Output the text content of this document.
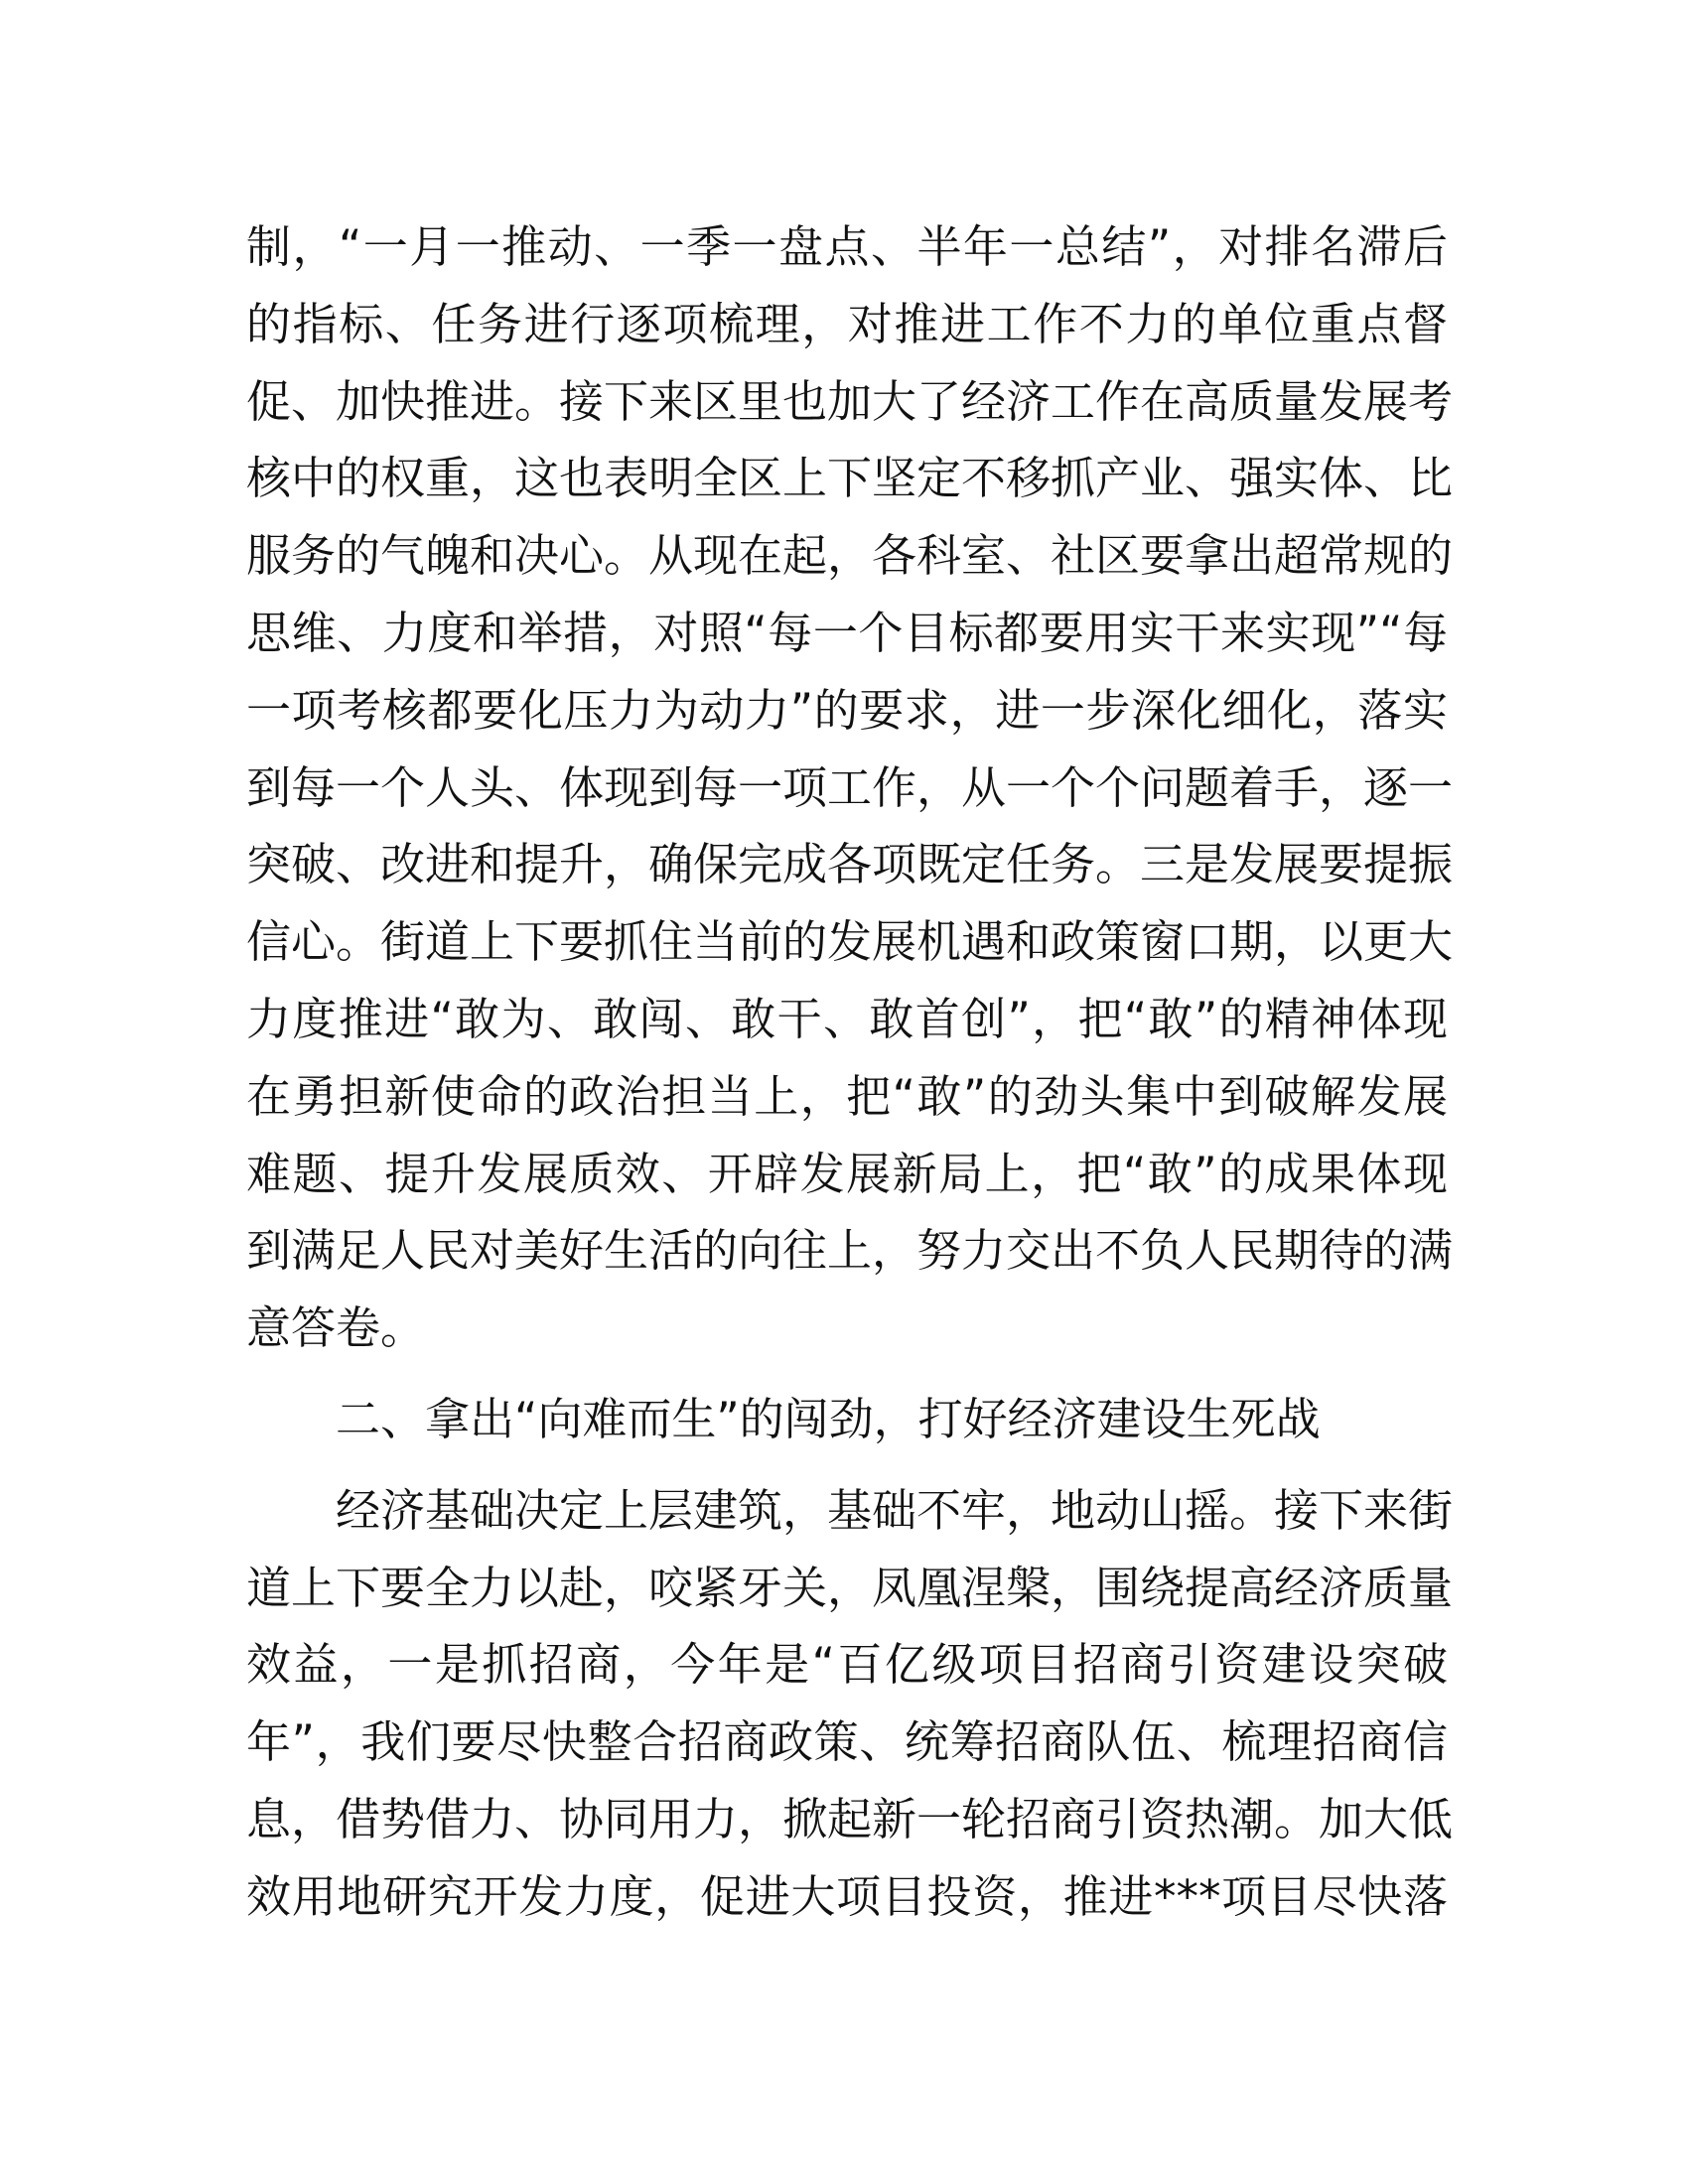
制，“一月一推动、一季一盘点、半年一总结”，对排名滞后
的指标、任务进行逐项梳理，对推进工作不力的单位重点督
促、加快推进。接下来区里也加大了经济工作在高质量发展考
核中的权重，这也表明全区上下坚定不移抓产业、强实体、比
服务的气魄和决心。从现在起，各科室、社区要拿出超常规的
思维、力度和举措，对照“每一个目标都要用实干来实现”“每
一项考核都要化压力为动力”的要求，进一步深化细化，落实
到每一个人头、体现到每一项工作，从一个个问题着手，逐一
突破、改进和提升，确保完成各项既定任务。三是发展要提振
信心。街道上下要抓住当前的发展机遇和政策窗口期，以更大
力度推进“敢为、敢闯、敢干、敢首创”，把“敢”的精神体现
在勇担新使命的政治担当上，把“敢”的劲头集中到破解发展
难题、提升发展质效、开辟发展新局上，把“敢”的成果体现
到满足人民对美好生活的向往上，努力交出不负人民期待的满
意答卷。
二、拿出“向难而生”的闯劲，打好经济建设生死战
经济基础决定上层建筑，基础不牢，地动山摇。接下来街
道上下要全力以赴，咬紧牙关，凤凰涅槃，围绕提高经济质量
效益，一是抓招商，今年是“百亿级项目招商引资建设突破
年”，我们要尽快整合招商政策、统筹招商队伍、梳理招商信
息，借势借力、协同用力，掀起新一轮招商引资热潮。加大低
效用地研究开发力度，促进大项目投资，推进***项目尽快落
